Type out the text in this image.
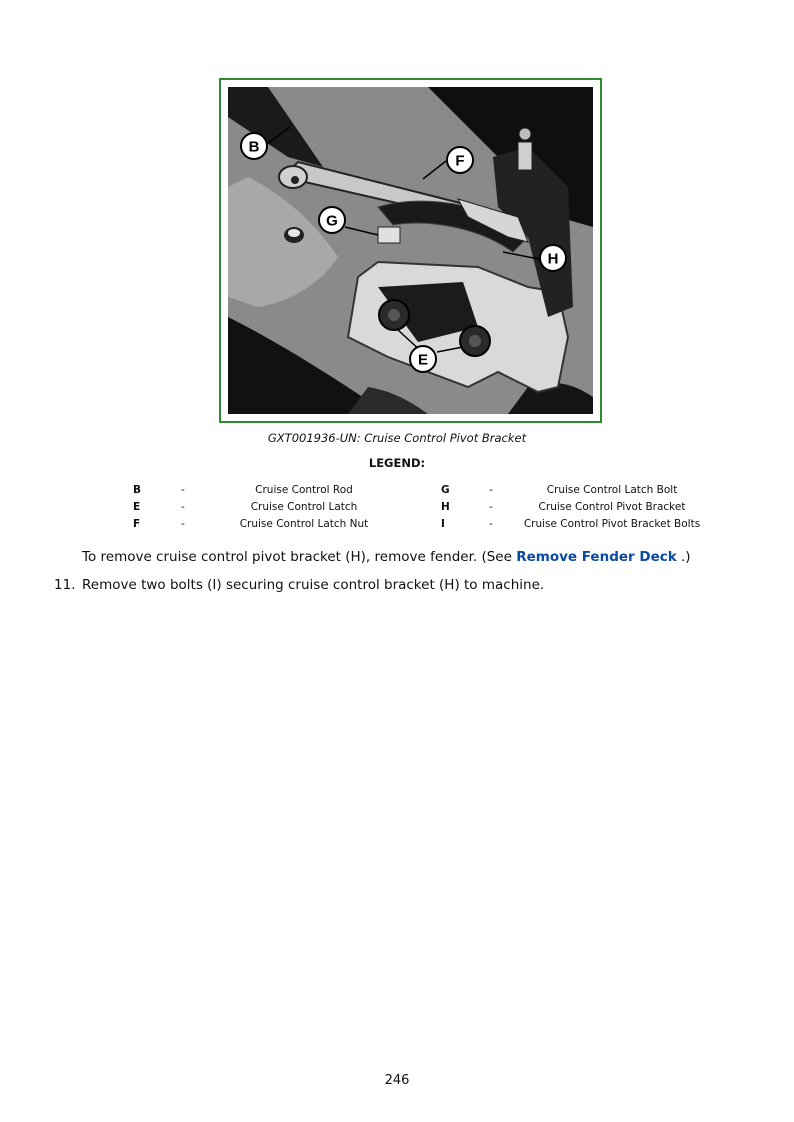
B
F
G
H
E
GXT001936-UN: Cruise Control Pivot Bracket
LEGEND:
B	-	Cruise Control Rod	G	-	Cruise Control Latch Bolt
E	-	Cruise Control Latch	H	-	Cruise Control Pivot Bracket
F	-	Cruise Control Latch Nut	I	-	Cruise Control Pivot Bracket Bolts
To remove cruise control pivot bracket (H), remove fender. (See Remove Fender Deck .)
11. Remove two bolts (I) securing cruise control bracket (H) to machine.
246
